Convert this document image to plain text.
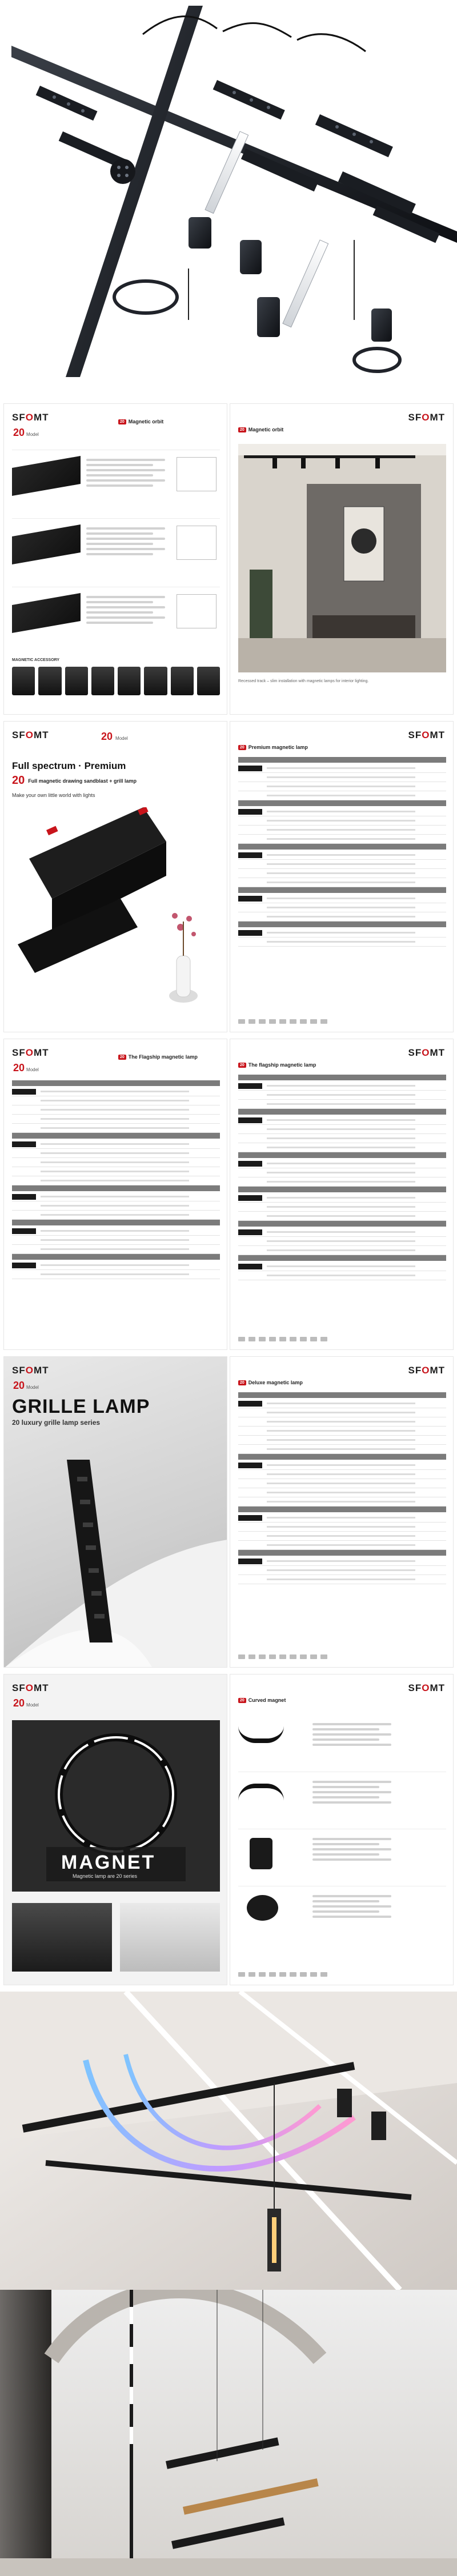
SFOMT
20 Model
20 Magnetic orbit
MAGNETIC ACCESSORY
SFOMT
20 Magnetic orbit
Recessed track – slim installation with magnetic lamps for interior lighting.
SFOMT	20 Model
Full spectrum · Premium
20 Full magnetic drawing sandblast + grill lamp
Make your own little world with lights
SFOMT
20 Premium magnetic lamp
SFOMT
20 Model
20 The Flagship magnetic lamp	SFOMT
20 The flagship magnetic lamp
SFOMT
20 Model
GRILLE LAMP
20 luxury grille lamp series
SFOMT
20 Deluxe magnetic lamp
SFOMT
20 Model
MAGNET
Magnetic lamp are 20 series
SFOMT
20 Curved magnet
